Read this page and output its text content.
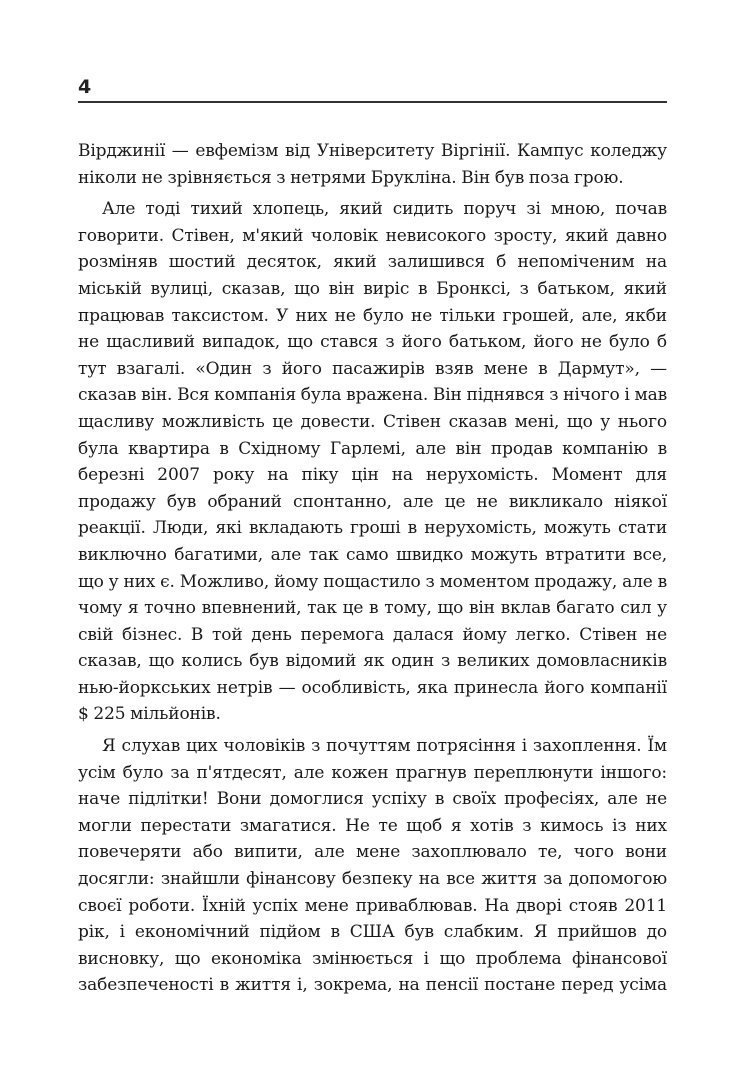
4

Вірджинії — евфемізм від Університету Віргінії. Кампус коледжу ніколи не зрівняється з нетрями Брукліна. Він був поза грою.

Але тоді тихий хлопець, який сидить поруч зі мною, почав говорити. Стівен, м'який чоловік невисокого зросту, який давно розміняв шостий десяток, який залишився б непоміченим на міській вулиці, сказав, що він виріс в Бронксі, з батьком, який працював таксистом. У них не було не тільки грошей, але, якби не щасливий випадок, що стався з його батьком, його не було б тут взагалі. «Один з його пасажирів взяв мене в Дармут», — сказав він. Вся компанія була вражена. Він піднявся з нічого і мав щасливу можливість це довести. Стівен сказав мені, що у нього була квартира в Східному Гарлемі, але він продав компанію в березні 2007 року на піку цін на нерухомість. Момент для продажу був обраний спонтанно, але це не викликало ніякої реакції. Люди, які вкладають гроші в нерухомість, можуть стати виключно багатими, але так само швидко можуть втратити все, що у них є. Можливо, йому пощастило з моментом продажу, але в чому я точно впевнений, так це в тому, що він вклав багато сил у свій бізнес. В той день перемога далася йому легко. Стівен не сказав, що колись був відомий як один з великих домовласників нью-йоркських нетрів — особливість, яка принесла його компанії $ 225 мільйонів.

Я слухав цих чоловіків з почуттям потрясіння і захоплення. Їм усім було за п'ятдесят, але кожен прагнув переплюнути іншого: наче підлітки! Вони домоглися успіху в своїх професіях, але не могли перестати змагатися. Не те щоб я хотів з кимось із них повечеряти або випити, але мене захоплювало те, чого вони досягли: знайшли фінансову безпеку на все життя за допомогою своєї роботи. Їхній успіх мене приваблював. На дворі стояв 2011 рік, і економічний підйом в США був слабким. Я прийшов до висновку, що економіка змінюється і що проблема фінансової забезпеченості в життя і, зокрема, на пенсії постане перед усіма
